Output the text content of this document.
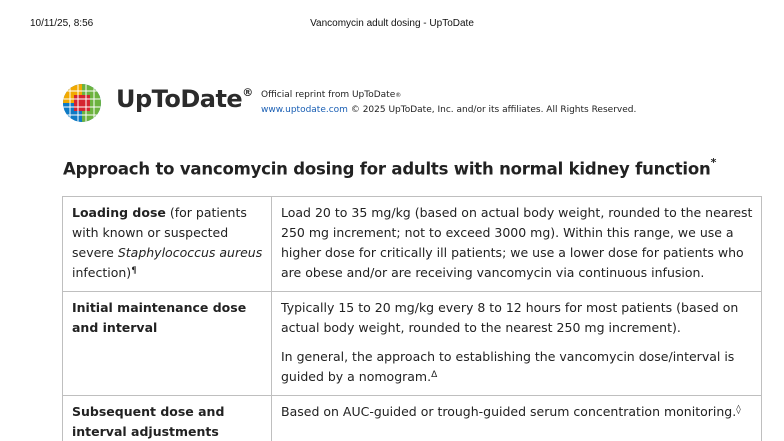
10/11/25, 8:56	Vancomycin adult dosing - UpToDate
UpToDate® Official reprint from UpToDate®
www.uptodate.com © 2025 UpToDate, Inc. and/or its affiliates. All Rights Reserved.
Approach to vancomycin dosing for adults with normal kidney function*
Loading dose (for patients with known or suspected severe Staphylococcus aureus infection)¶	Load 20 to 35 mg/kg (based on actual body weight, rounded to the nearest 250 mg increment; not to exceed 3000 mg). Within this range, we use a higher dose for critically ill patients; we use a lower dose for patients who are obese and/or are receiving vancomycin via continuous infusion.
Initial maintenance dose and interval	Typically 15 to 20 mg/kg every 8 to 12 hours for most patients (based on actual body weight, rounded to the nearest 250 mg increment).
In general, the approach to establishing the vancomycin dose/interval is guided by a nomogram.$^\Delta$

Subsequent dose and interval adjustments	Based on AUC-guided or trough-guided serum concentration monitoring.◊
